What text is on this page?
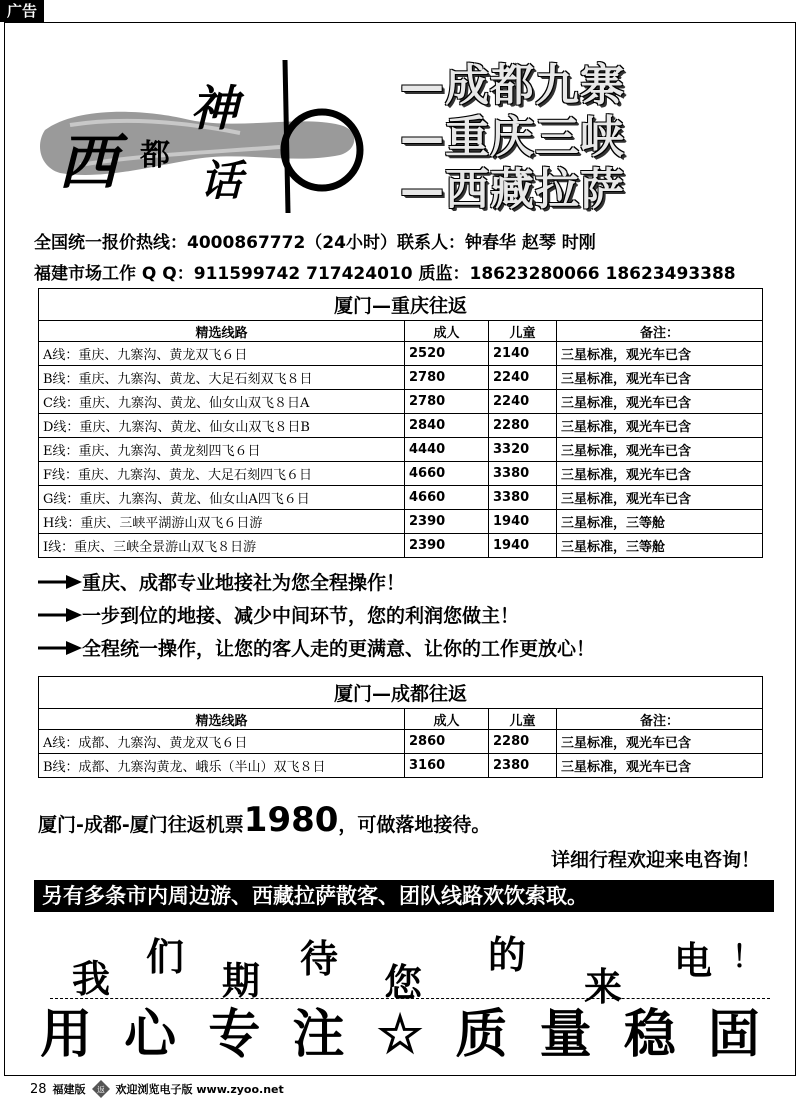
广告
西 都
神
话
—成都九寨
—重庆三峡
—西藏拉萨
全国统一报价热线：4000867772（24小时）联系人：钟春华 赵琴 时刚
福建市场工作 Q Q：911599742 717424010 质监：18623280066 18623493388
厦门—重庆往返			
精选线路	成人	儿童	备注：
A线：重庆、九寨沟、黄龙双飞６日	2520	2140	三星标准，观光车已含
B线：重庆、九寨沟、黄龙、大足石刻双飞８日	2780	2240	三星标准，观光车已含
C线：重庆、九寨沟、黄龙、仙女山双飞８日A	2780	2240	三星标准，观光车已含
D线：重庆、九寨沟、黄龙、仙女山双飞８日B	2840	2280	三星标准，观光车已含
E线：重庆、九寨沟、黄龙刻四飞６日	4440	3320	三星标准，观光车已含
F线：重庆、九寨沟、黄龙、大足石刻四飞６日	4660	3380	三星标准，观光车已含
G线：重庆、九寨沟、黄龙、仙女山A四飞６日	4660	3380	三星标准，观光车已含
H线：重庆、三峡平湖游山双飞６日游	2390	1940	三星标准，三等舱
I线：重庆、三峡全景游山双飞８日游	2390	1940	三星标准，三等舱
重庆、成都专业地接社为您全程操作！
一步到位的地接、减少中间环节，您的利润您做主！
全程统一操作，让您的客人走的更满意、让你的工作更放心！
厦门—成都往返			
精选线路	成人	儿童	备注：
A线：成都、九寨沟、黄龙双飞６日	2860	2280	三星标准，观光车已含
B线：成都、九寨沟黄龙、峨乐（半山）双飞８日	3160	2380	三星标准，观光车已含
厦门-成都-厦门往返机票1980，可做落地接待。
详细行程欢迎来电咨询！
另有多条市内周边游、西藏拉萨散客、团队线路欢饮索取。
我 们
期 待
您
的
来
电 ！
用 心 专 注 ☆ 质 量 稳 固
28 福建版 返 欢迎浏览电子版 www.zyoo.net
